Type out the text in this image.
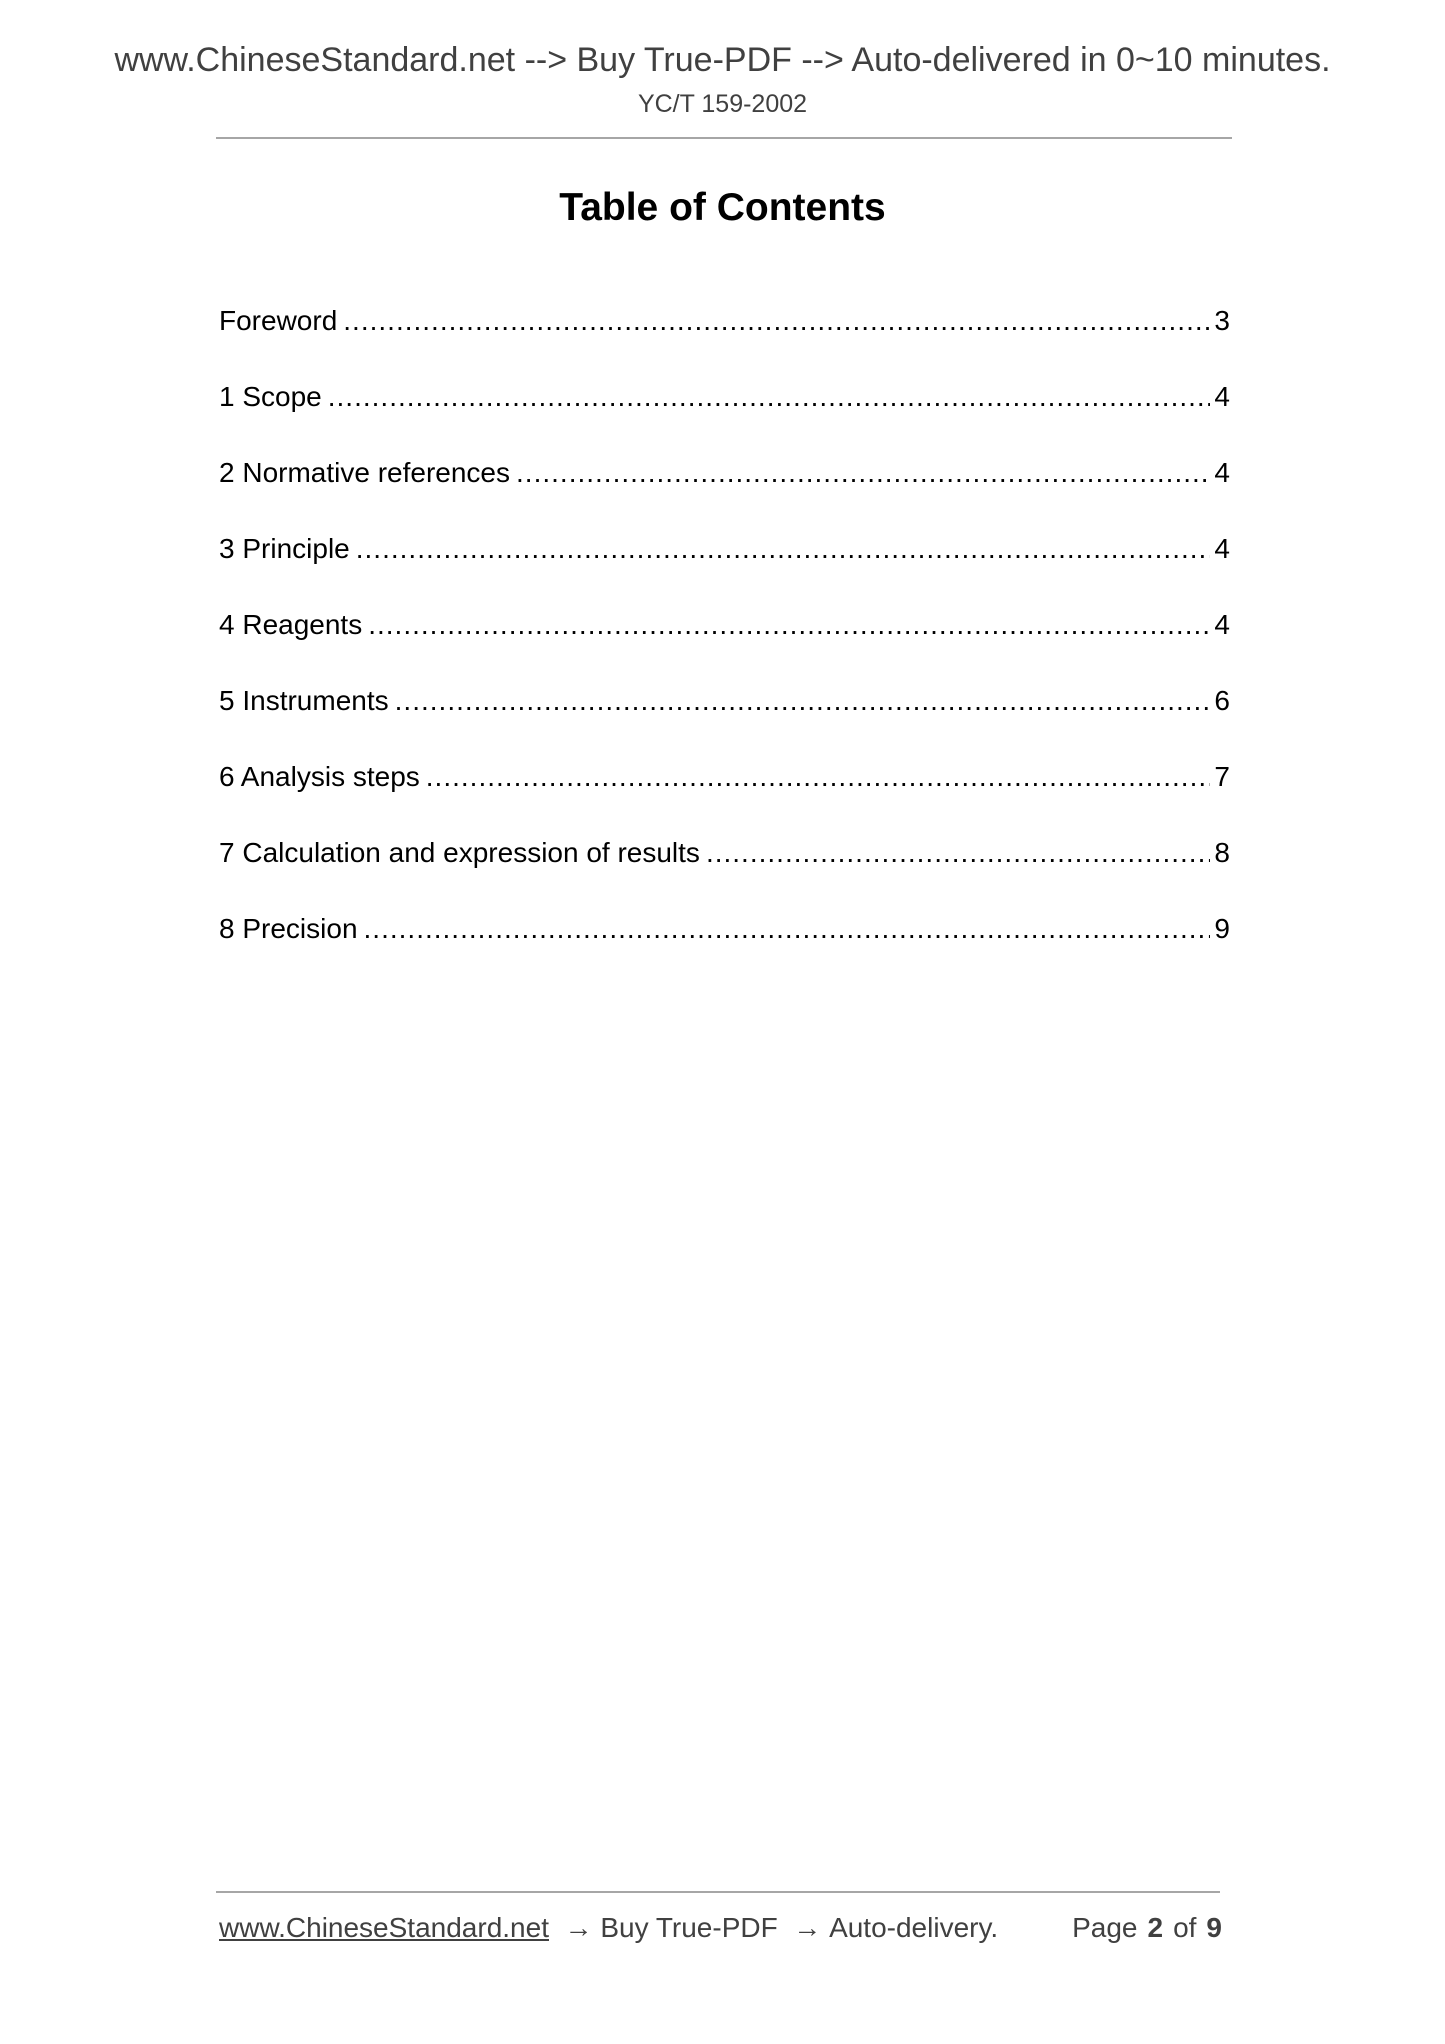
www.ChineseStandard.net --> Buy True-PDF --> Auto-delivered in 0~10 minutes.
YC/T 159-2002
Table of Contents
Foreword .....	3
1 Scope .....	4
2 Normative references .....	4
3 Principle .....	4
4 Reagents .....	4
5 Instruments .....	6
6 Analysis steps .....	7
7 Calculation and expression of results .....	8
8 Precision .....	9
www.ChineseStandard.net  → Buy True-PDF  → Auto-delivery.	Page 2 of 9
